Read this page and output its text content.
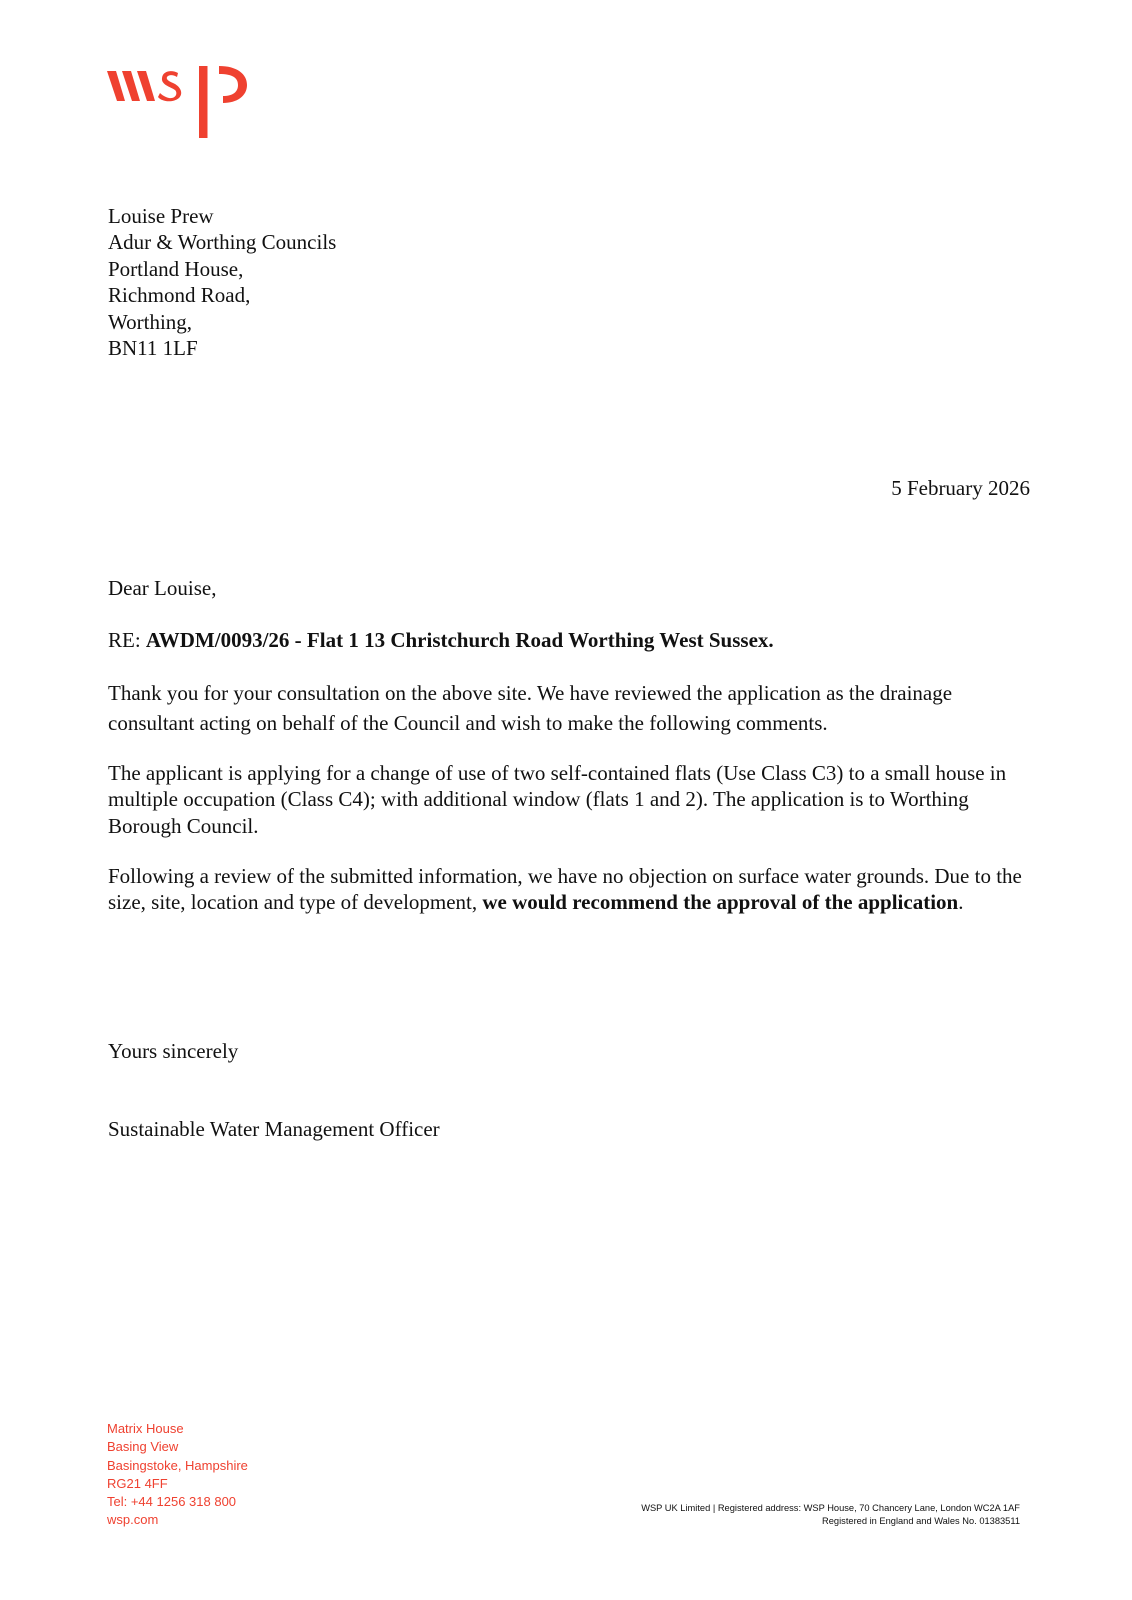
Louise Prew
Adur & Worthing Councils
Portland House,
Richmond Road,
Worthing,
BN11 1LF
5 February 2026
Dear Louise,
RE: AWDM/0093/26 - Flat 1 13 Christchurch Road Worthing West Sussex.

Thank you for your consultation on the above site. We have reviewed the application as the drainage consultant acting on behalf of the Council and wish to make the following comments.

The applicant is applying for a change of use of two self-contained flats (Use Class C3) to a small house in multiple occupation (Class C4); with additional window (flats 1 and 2). The application is to Worthing Borough Council.

Following a review of the submitted information, we have no objection on surface water grounds. Due to the size, site, location and type of development, we would recommend the approval of the application.

Yours sincerely
Sustainable Water Management Officer
Matrix House
Basing View
Basingstoke, Hampshire
RG21 4FF
Tel: +44 1256 318 800
wsp.com
WSP UK Limited | Registered address: WSP House, 70 Chancery Lane, London WC2A 1AF
Registered in England and Wales No. 01383511
